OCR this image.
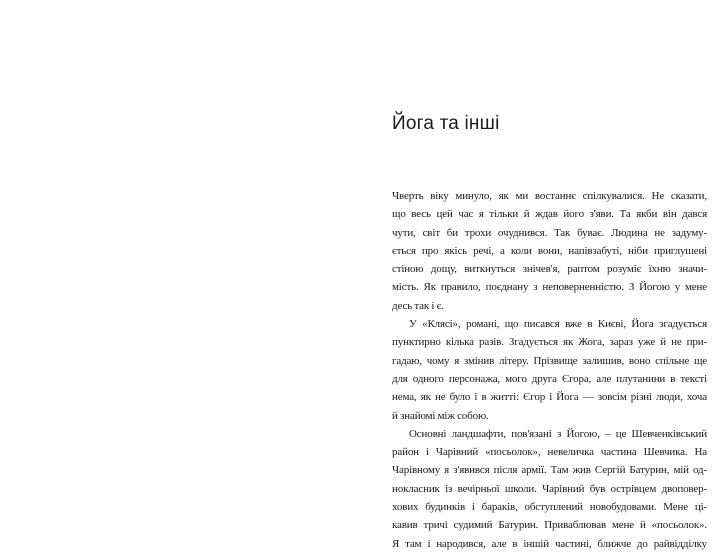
Йога та інші

Чверть віку минуло, як ми востаннє спілкувалися. Не сказати,
що весь цей час я тільки й ждав його з'яви. Та якби він дався
чути, світ би трохи очуднився. Так буває. Людина не задуму-
ється про якісь речі, а коли вони, напівзабуті, ніби приглушені
стіною дощу, виткнуться знічев'я, раптом розуміє їхню значи-
мість. Як правило, поєднану з неповерненністю. З Йогою у мене
десь так і є.

У «Клясі», романі, що писався вже в Києві, Йога згадується
пунктирно кілька разів. Згадується як Жога, зараз уже й не при-
гадаю, чому я змінив літеру. Прізвище залишив, воно спільне ще
для одного персонажа, мого друга Єгора, але плутанини в тексті
нема, як не було і в житті: Єгор і Йога — зовсім різні люди, хоча
й знайомі між собою.

Основні ландшафти, пов'язані з Йогою, – це Шевченківський
район і Чарівний «посьолок», невеличка частина Шевчика. На
Чарівному я з'явився після армії. Там жив Сергій Батурин, мій од-
нокласник із вечірньої школи. Чарівний був острівцем двоповер-
хових будинків і бараків, обступлений новобудовами. Мене ці-
кавив тричі судимий Батурин. Приваблював мене й «посьолок».
Я там і народився, але в іншій частині, ближче до райвідділку
